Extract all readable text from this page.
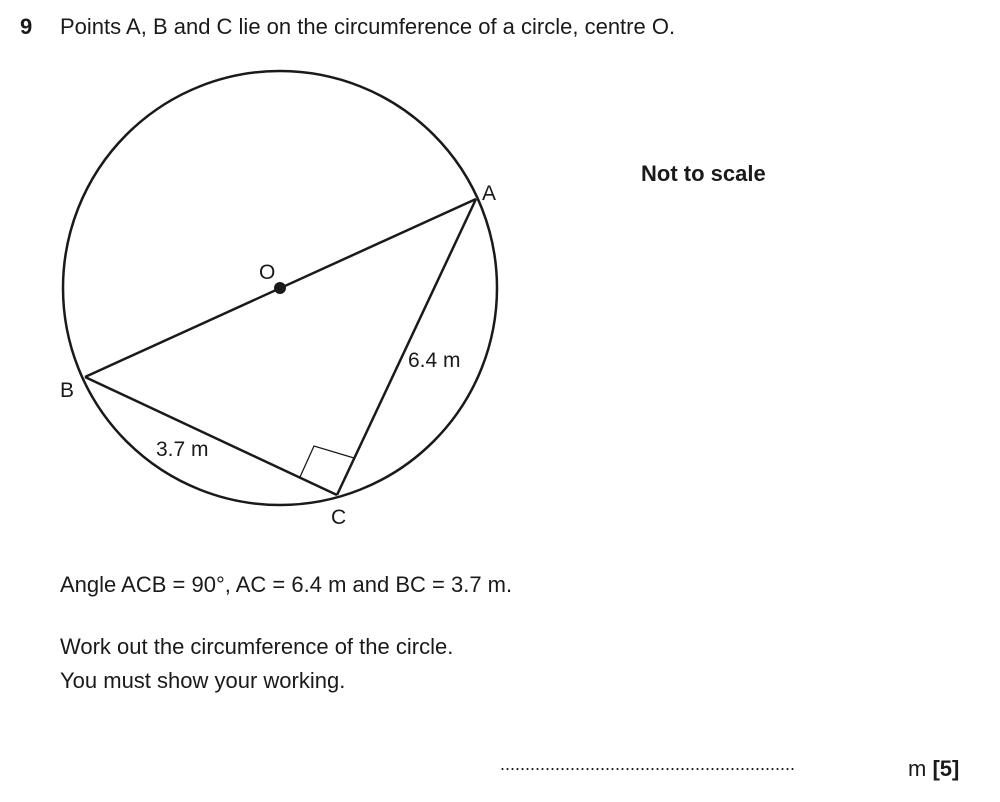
9 Points A, B and C lie on the circumference of a circle, centre O.
Not to scale
A
O
B
C
6.4 m
3.7 m
Angle ACB = 90°, AC = 6.4 m and BC = 3.7 m.
Work out the circumference of the circle.
You must show your working.
...........................................................	m [5]
